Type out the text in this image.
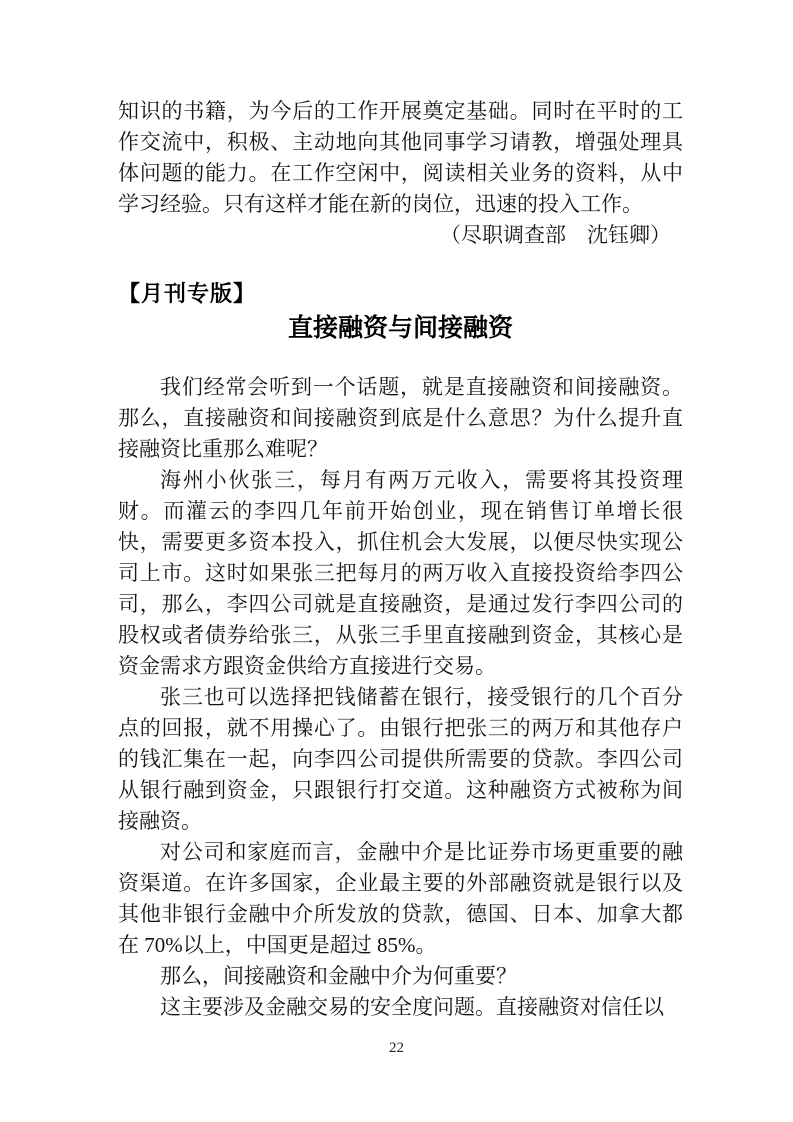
知识的书籍，为今后的工作开展奠定基础。同时在平时的工作交流中，积极、主动地向其他同事学习请教，增强处理具体问题的能力。在工作空闲中，阅读相关业务的资料，从中学习经验。只有这样才能在新的岗位，迅速的投入工作。

（尽职调查部　沈钰卿）
【月刊专版】
直接融资与间接融资

我们经常会听到一个话题，就是直接融资和间接融资。那么，直接融资和间接融资到底是什么意思？为什么提升直接融资比重那么难呢？

海州小伙张三，每月有两万元收入，需要将其投资理财。而灌云的李四几年前开始创业，现在销售订单增长很快，需要更多资本投入，抓住机会大发展，以便尽快实现公司上市。这时如果张三把每月的两万收入直接投资给李四公司，那么，李四公司就是直接融资，是通过发行李四公司的股权或者债券给张三，从张三手里直接融到资金，其核心是资金需求方跟资金供给方直接进行交易。

张三也可以选择把钱储蓄在银行，接受银行的几个百分点的回报，就不用操心了。由银行把张三的两万和其他存户的钱汇集在一起，向李四公司提供所需要的贷款。李四公司从银行融到资金，只跟银行打交道。这种融资方式被称为间接融资。

对公司和家庭而言，金融中介是比证券市场更重要的融资渠道。在许多国家，企业最主要的外部融资就是银行以及其他非银行金融中介所发放的贷款，德国、日本、加拿大都在 70%以上，中国更是超过 85%。

那么，间接融资和金融中介为何重要？

这主要涉及金融交易的安全度问题。直接融资对信任以

22
